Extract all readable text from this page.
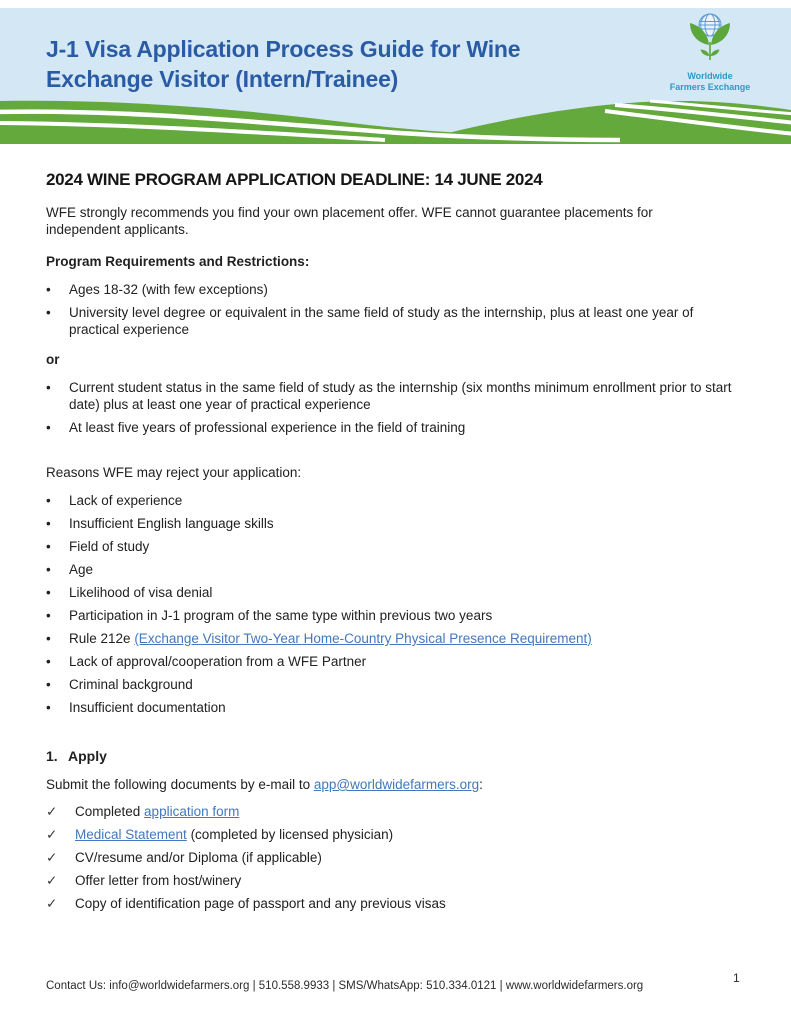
J-1 Visa Application Process Guide for Wine
Exchange Visitor (Intern/Trainee)	Worldwide
Farmers Exchange
2024 WINE PROGRAM APPLICATION DEADLINE: 14 JUNE 2024

WFE strongly recommends you find your own placement offer. WFE cannot guarantee placements for independent applicants.

Program Requirements and Restrictions:

•	Ages 18-32 (with few exceptions)
•	University level degree or equivalent in the same field of study as the internship, plus at least one year of practical experience

or

•	Current student status in the same field of study as the internship (six months minimum enrollment prior to start date) plus at least one year of practical experience
•	At least five years of professional experience in the field of training

Reasons WFE may reject your application:

•	Lack of experience
•	Insufficient English language skills
•	Field of study
•	Age
•	Likelihood of visa denial
•	Participation in J-1 program of the same type within previous two years
•	Rule 212e (Exchange Visitor Two-Year Home-Country Physical Presence Requirement)
•	Lack of approval/cooperation from a WFE Partner
•	Criminal background
•	Insufficient documentation
1. Apply

Submit the following documents by e-mail to app@worldwidefarmers.org:

✓	Completed application form
✓	Medical Statement (completed by licensed physician)
✓	CV/resume and/or Diploma (if applicable)
✓	Offer letter from host/winery
✓	Copy of identification page of passport and any previous visas
Contact Us: info@worldwidefarmers.org | 510.558.9933 | SMS/WhatsApp: 510.334.0121 | www.worldwidefarmers.org
1
